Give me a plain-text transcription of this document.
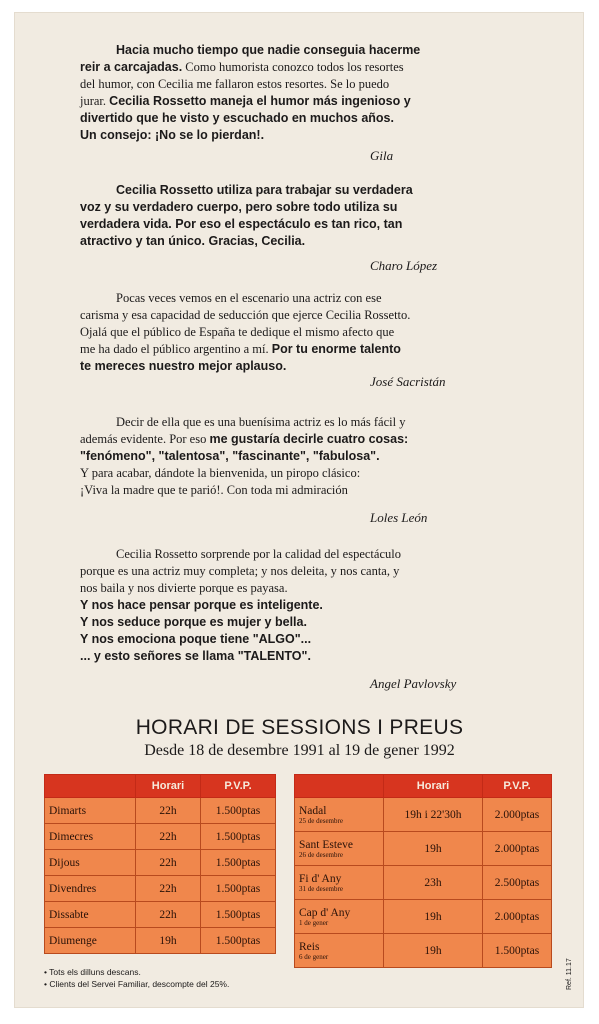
Hacia mucho tiempo que nadie conseguia hacerme

reir a carcajadas. Como humorista conozco todos los resortes

del humor, con Cecilia me fallaron estos resortes. Se lo puedo

jurar. Cecilia Rossetto maneja el humor más ingenioso y

divertido que he visto y escuchado en muchos años.

Un consejo: ¡No se lo pierdan!.

Gila

Cecilia Rossetto utiliza para trabajar su verdadera

voz y su verdadero cuerpo, pero sobre todo utiliza su

verdadera vida. Por eso el espectáculo es tan rico, tan

atractivo y tan único. Gracias, Cecilia.

Charo López

Pocas veces vemos en el escenario una actriz con ese

carisma y esa capacidad de seducción que ejerce Cecilia Rossetto.

Ojalá que el público de España te dedique el mismo afecto que

me ha dado el público argentino a mí. Por tu enorme talento

te mereces nuestro mejor aplauso.

José Sacristán

Decir de ella que es una buenísima actriz es lo más fácil y

además evidente. Por eso me gustaría decirle cuatro cosas:

"fenómeno", "talentosa", "fascinante", "fabulosa".

Y para acabar, dándote la bienvenida, un piropo clásico:

¡Viva la madre que te parió!. Con toda mi admiración

Loles León

Cecilia Rossetto sorprende por la calidad del espectáculo

porque es una actriz muy completa; y nos deleita, y nos canta, y

nos baila y nos divierte porque es payasa.

Y nos hace pensar porque es inteligente.

Y nos seduce porque es mujer y bella.

Y nos emociona poque tiene "ALGO"...

... y esto señores se llama "TALENTO".

Angel Pavlovsky
HORARI DE SESSIONS I PREUS
Desde 18 de desembre 1991 al 19 de gener 1992
	Horari	P.V.P.
Dimarts	22h	1.500ptas
Dimecres	22h	1.500ptas
Dijous	22h	1.500ptas
Divendres	22h	1.500ptas
Dissabte	22h	1.500ptas
Diumenge	19h	1.500ptas
	Horari	P.V.P.
Nadal
25 de desembre	19h i 22'30h	2.000ptas
Sant Esteve
26 de desembre	19h	2.000ptas
Fi d' Any
31 de desembre	23h	2.500ptas
Cap d' Any
1 de gener	19h	2.000ptas
Reis
6 de gener	19h	1.500ptas
• Tots els dilluns descans.
• Clients del Servei Familiar, descompte del 25%.	Ref. 11.17
